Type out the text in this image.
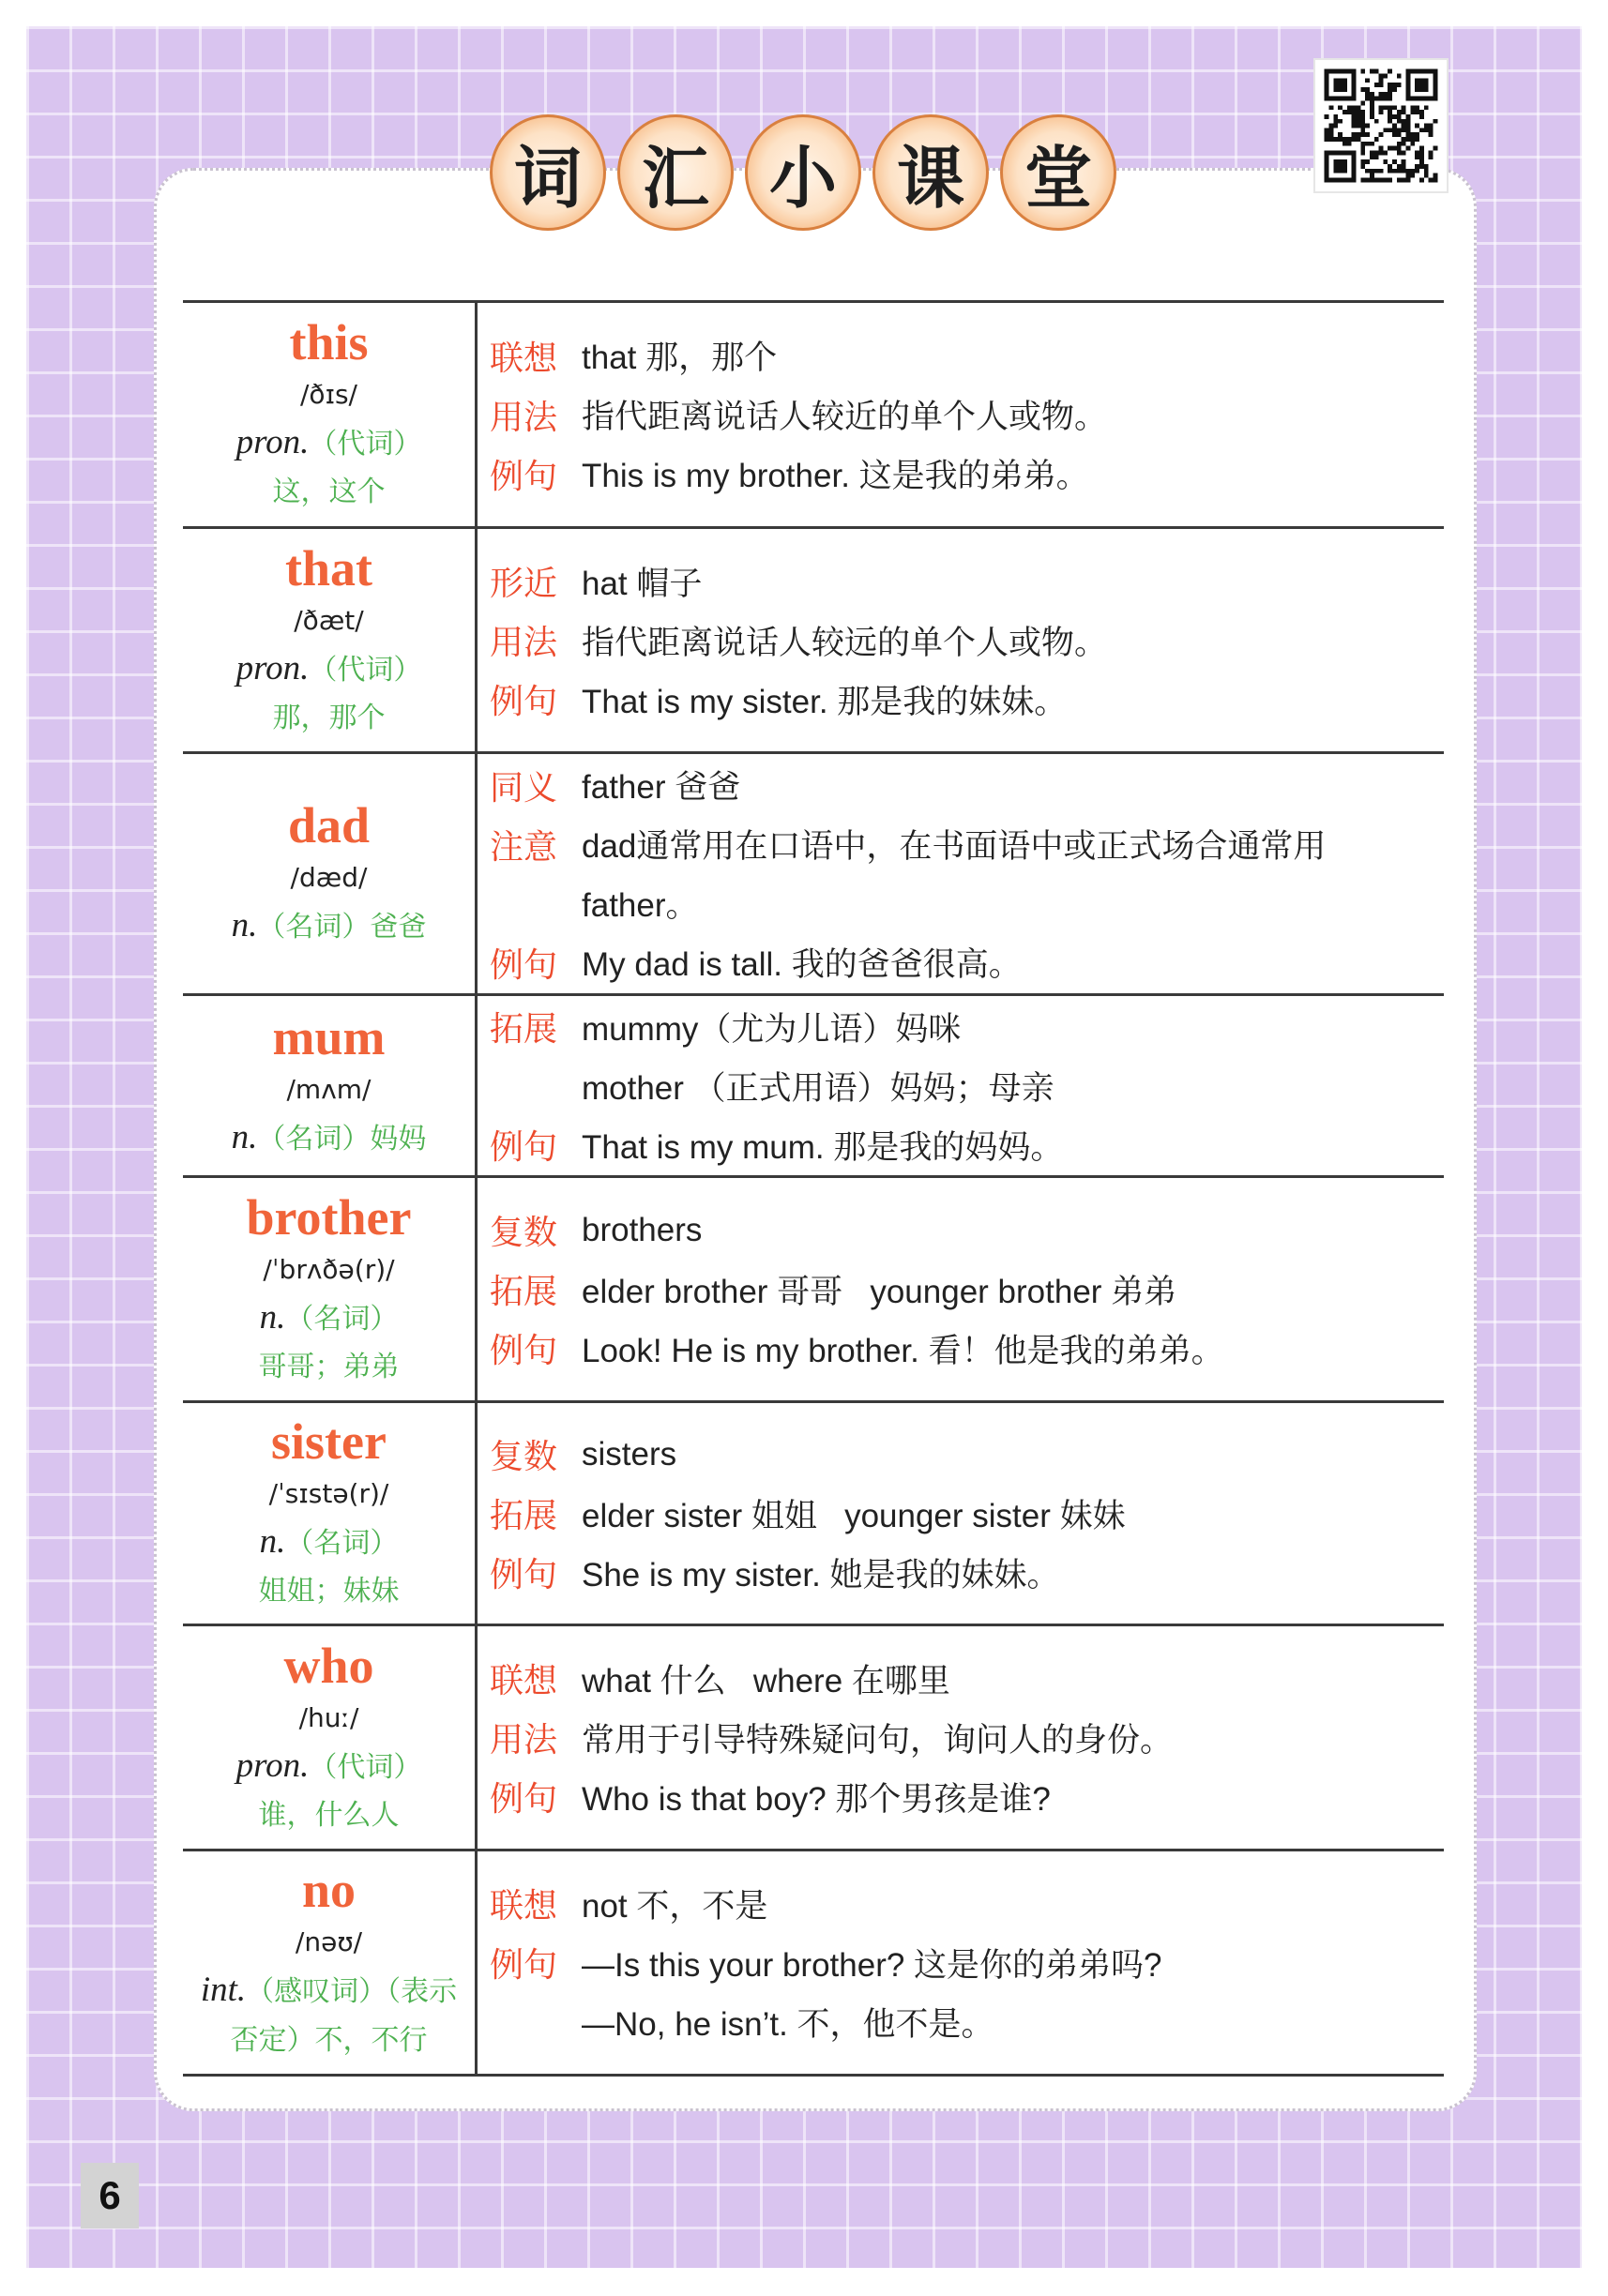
词 汇 小 课 堂
this
/ðɪs/
pron.（代词）
这，这个
联想 that 那，那个
用法 指代距离说话人较近的单个人或物。
例句 This is my brother. 这是我的弟弟。
that
/ðæt/
pron.（代词）
那，那个
形近 hat 帽子
用法 指代距离说话人较远的单个人或物。
例句 That is my sister. 那是我的妹妹。
dad
/dæd/
n.（名词）爸爸
同义 father 爸爸
注意 dad通常用在口语中，在书面语中或正式场合通常用
father。
例句 My dad is tall. 我的爸爸很高。
mum
/mʌm/
n.（名词）妈妈
拓展 mummy（尤为儿语）妈咪
mother （正式用语）妈妈；母亲
例句 That is my mum. 那是我的妈妈。
brother
/ˈbrʌðə(r)/
n.（名词）
哥哥；弟弟
复数 brothers
拓展 elder brother 哥哥   younger brother 弟弟
例句 Look! He is my brother. 看！他是我的弟弟。
sister
/ˈsɪstə(r)/
n.（名词）
姐姐；妹妹
复数 sisters
拓展 elder sister 姐姐   younger sister 妹妹
例句 She is my sister. 她是我的妹妹。
who
/huː/
pron.（代词）
谁，什么人
联想 what 什么   where 在哪里
用法 常用于引导特殊疑问句，询问人的身份。
例句 Who is that boy? 那个男孩是谁?
no
/nəʊ/
int.（感叹词）（表示否定）不，不行
联想 not 不，不是
例句 —Is this your brother? 这是你的弟弟吗?
—No, he isn’t. 不，他不是。
6
